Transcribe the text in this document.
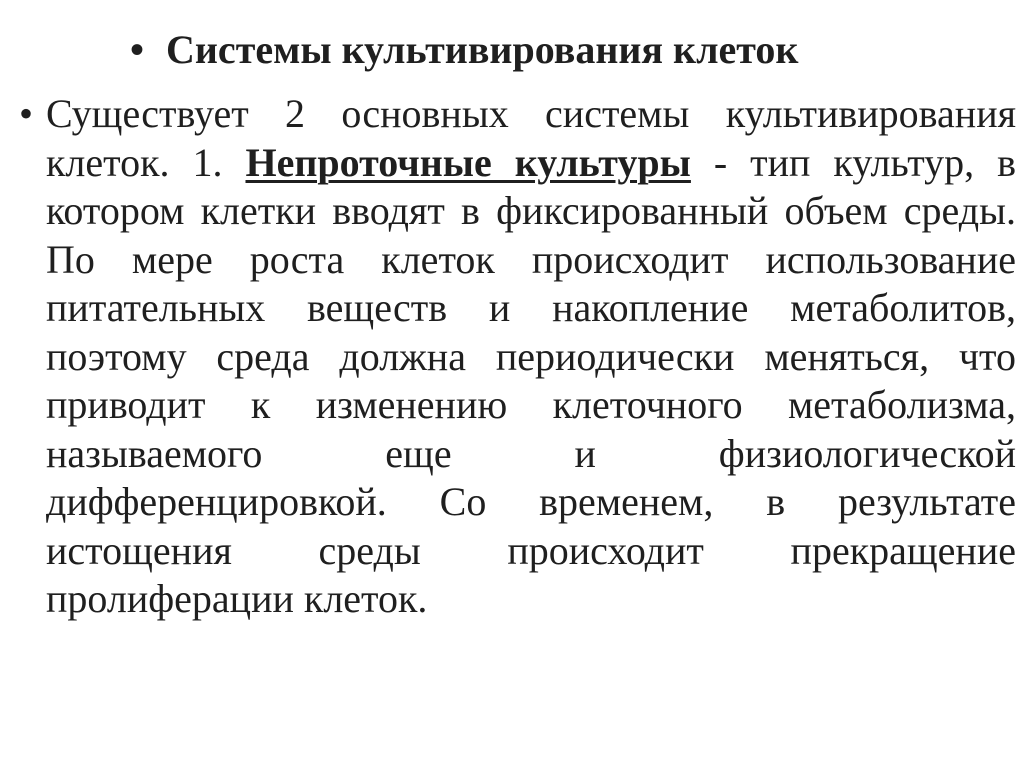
• Системы культивирования клеток
• Существует 2 основных системы культивирования клеток. 1. Непроточные культуры - тип культур, в котором клетки вводят в фиксированный объем среды. По мере роста клеток происходит использование питательных веществ и накопление метаболитов, поэтому среда должна периодически меняться, что приводит к изменению клеточного метаболизма, называемого еще и физиологической дифференцировкой. Со временем, в результате истощения среды происходит прекращение пролиферации клеток.
